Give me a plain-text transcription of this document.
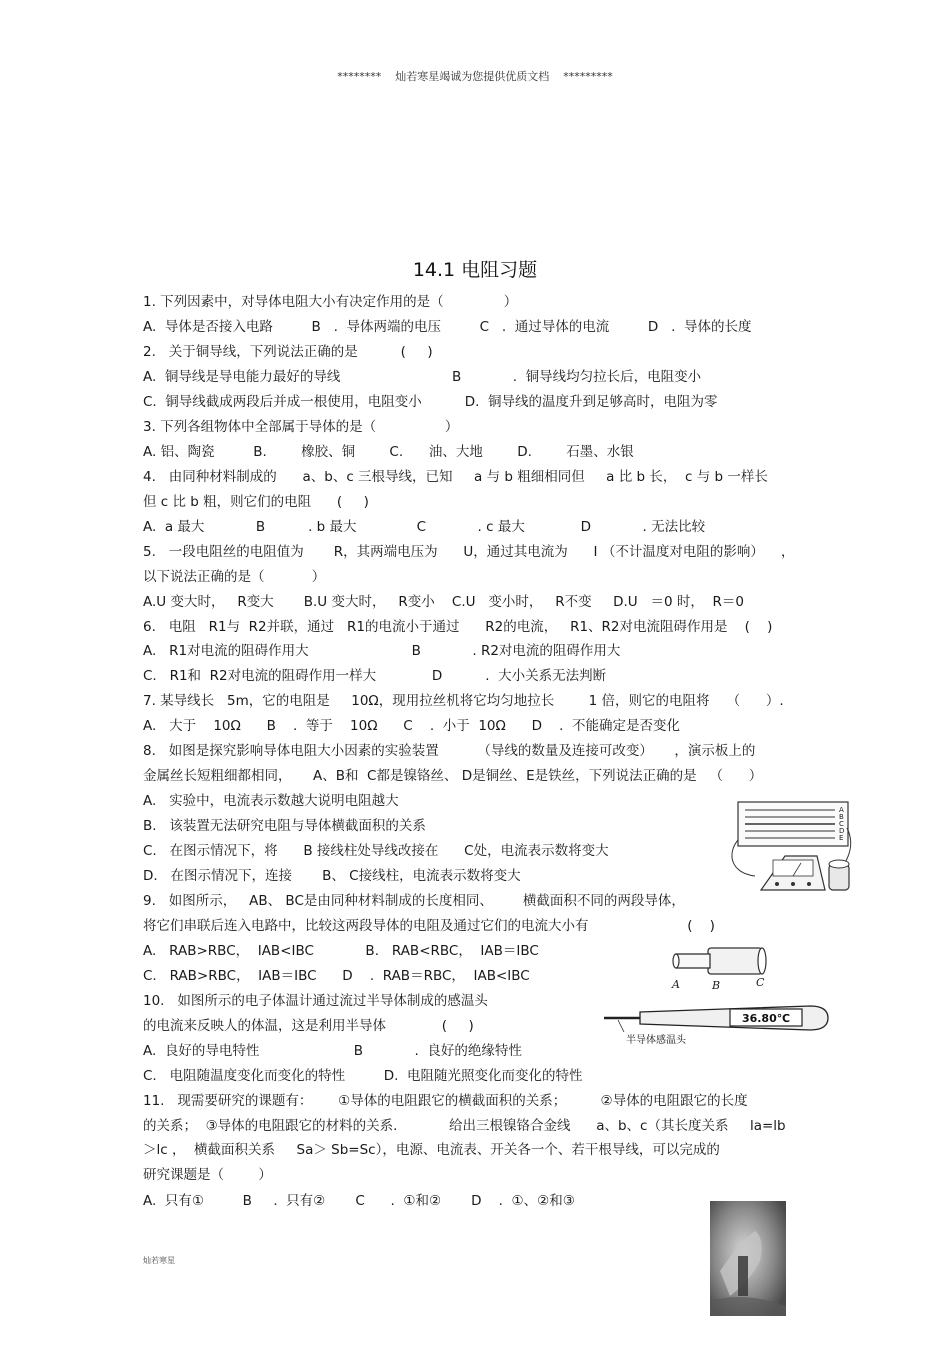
********    灿若寒星竭诚为您提供优质文档    *********
14.1 电阻习题
1. 下列因素中，对导体电阻大小有决定作用的是（              ）
A.  导体是否接入电路         B   .  导体两端的电压         C   .  通过导体的电流         D   .  导体的长度
2.   关于铜导线，下列说法正确的是          (     )
A.  铜导线是导电能力最好的导线                          B            .  铜导线均匀拉长后，电阻变小
C.  铜导线截成两段后并成一根使用，电阻变小          D.  铜导线的温度升到足够高时，电阻为零
3. 下列各组物体中全部属于导体的是（                ）
A. 铝、陶瓷         B.        橡胶、铜        C.      油、大地        D.        石墨、水银
4.   由同种材料制成的      a、b、c 三根导线，已知     a 与 b 粗细相同但     a 比 b 长，  c 与 b 一样长
但 c 比 b 粗，则它们的电阻      (     )
A.  a 最大            B          . b 最大              C            . c 最大             D            . 无法比较
5.   一段电阻丝的电阻值为       R，其两端电压为      U，通过其电流为      I （不计温度对电阻的影响）    ，
以下说法正确的是（           ）
A.U 变大时，   R变大       B.U 变大时，   R变小    C.U   变小时，   R不变     D.U   ＝0 时，  R＝0
6.   电阻   R1与  R2并联，通过   R1的电流小于通过      R2的电流，   R1、R2对电流阻碍作用是    (    )
A.   R1对电流的阻碍作用大                        B            . R2对电流的阻碍作用大
C.   R1和  R2对电流的阻碍作用一样大             D          .  大小关系无法判断
7. 某导线长   5m，它的电阻是     10Ω，现用拉丝机将它均匀地拉长        1 倍，则它的电阻将    （      ）.
A.   大于    10Ω      B    .  等于    10Ω      C    .  小于  10Ω      D    .  不能确定是否变化
8.   如图是探究影响导体电阻大小因素的实验装置         （导线的数量及连接可改变）     ，演示板上的
金属丝长短粗细都相同，     A、B和  C都是镍铬丝、 D是铜丝、E是铁丝，下列说法正确的是   （      ）
A.   实验中，电流表示数越大说明电阻越大
B.   该装置无法研究电阻与导体横截面积的关系
C.   在图示情况下，将      B 接线柱处导线改接在      C处，电流表示数将变大
D.   在图示情况下，连接       B、 C接线柱，电流表示数将变大
9.   如图所示，   AB、 BC是由同种材料制成的长度相同、       横截面积不同的两段导体，
将它们串联后连入电路中，比较这两段导体的电阻及通过它们的电流大小有                       (    )
A.   RAB>RBC，  IAB<IBC            B.   RAB<RBC，  IAB＝IBC
C.   RAB>RBC，  IAB＝IBC      D    .  RAB＝RBC，  IAB<IBC
10.   如图所示的电子体温计通过流过半导体制成的感温头
的电流来反映人的体温，这是利用半导体             (     )
A.  良好的导电特性                      B            .  良好的绝缘特性
C.   电阻随温度变化而变化的特性         D.  电阻随光照变化而变化的特性
11.   现需要研究的课题有：      ①导体的电阻跟它的横截面积的关系；        ②导体的电阻跟它的长度
的关系；  ③导体的电阻跟它的材料的关系.            给出三根镍铬合金线      a、b、c（其长度关系     la=lb
＞lc ，  横截面积关系     Sa＞ Sb=Sc），电源、电流表、开关各一个、若干根导线，可以完成的
研究课题是（        ）
A.  只有①         B     .  只有②       C      .  ①和②       D    .  ①、②和③
A
B
C
D
E
A	B	C
36.80℃
半导体感温头
灿若寒星
